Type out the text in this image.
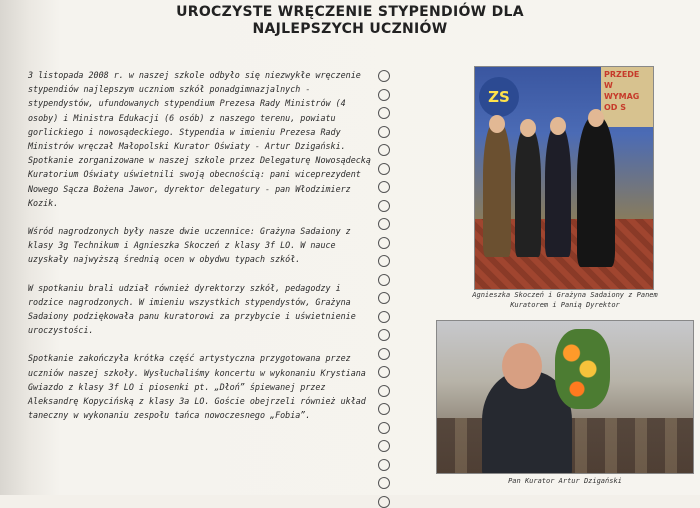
UROCZYSTE WRĘCZENIE STYPENDIÓW DLA
NAJLEPSZYCH UCZNIÓW

3 listopada 2008 r. w naszej szkole odbyło się niezwykłe wręczenie stypendiów najlepszym uczniom szkół ponadgimnazjalnych - stypendystów, ufundowanych stypendium Prezesa Rady Ministrów (4 osoby) i Ministra Edukacji (6 osób) z naszego terenu, powiatu gorlickiego i nowosądeckiego. Stypendia w imieniu Prezesa Rady Ministrów wręczał Małopolski Kurator Oświaty - Artur Dzigański. Spotkanie zorganizowane w naszej szkole przez Delegaturę Nowosądecką Kuratorium Oświaty uświetnili swoją obecnością: pani wiceprezydent Nowego Sącza Bożena Jawor, dyrektor delegatury - pan Włodzimierz Kozik.

Wśród nagrodzonych były nasze dwie uczennice: Grażyna Sadaiony z klasy 3g Technikum i Agnieszka Skoczeń z klasy 3f LO. W nauce uzyskały najwyższą średnią ocen w obydwu typach szkół.

W spotkaniu brali udział również dyrektorzy szkół, pedagodzy i rodzice nagrodzonych. W imieniu wszystkich stypendystów, Grażyna Sadaiony podziękowała panu kuratorowi za przybycie i uświetnienie uroczystości.

Spotkanie zakończyła krótka część artystyczna przygotowana przez uczniów naszej szkoły. Wysłuchaliśmy koncertu w wykonaniu Krystiana Gwiazdo z klasy 3f LO i piosenki pt. „Dłoń” śpiewanej przez Aleksandrę Kopycińską z klasy 3a LO. Goście obejrzeli również układ taneczny w wykonaniu zespołu tańca nowoczesnego „Fobia”.

ZS
PRZEDE W WYMAG OD S
Agnieszka Skoczeń i Grażyna Sadaiony z Panem Kuratorem i Panią Dyrektor
Pan Kurator Artur Dzigański
